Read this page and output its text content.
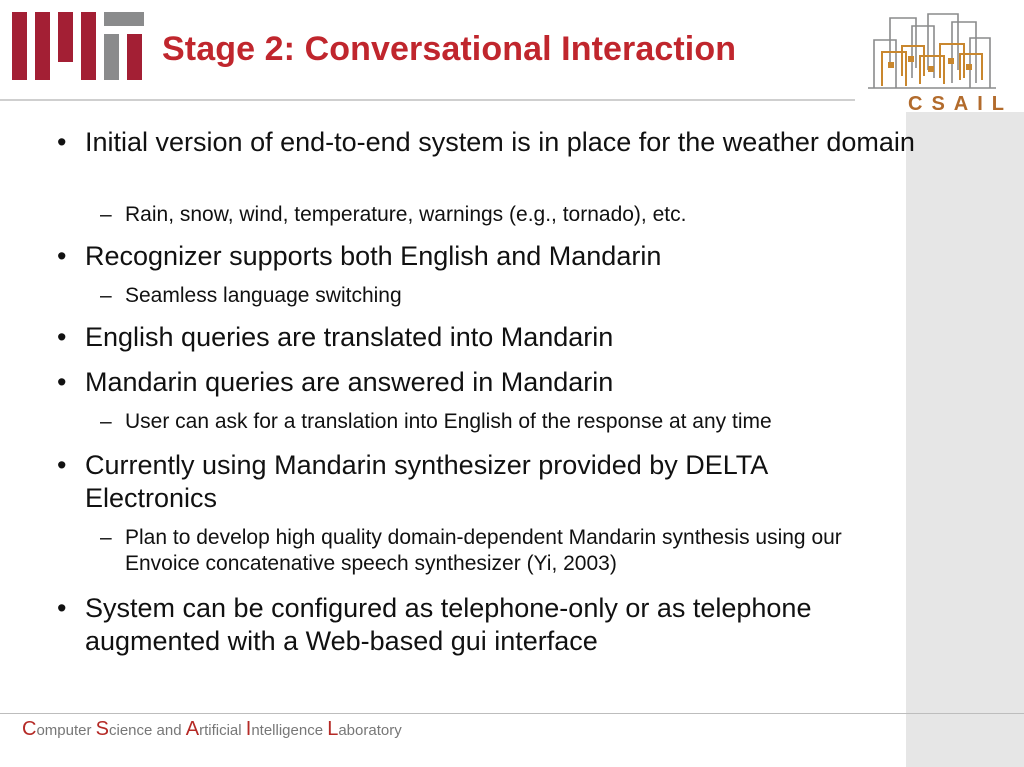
Stage 2: Conversational Interaction
CSAIL
• Initial version of end-to-end system is in place for the weather domain
– Rain, snow, wind, temperature, warnings (e.g., tornado), etc.
• Recognizer supports both English and Mandarin
– Seamless language switching
• English queries are translated into Mandarin
• Mandarin queries are answered in Mandarin
– User can ask for a translation into English of the response at any time
• Currently using Mandarin synthesizer provided by DELTA Electronics
– Plan to develop high quality domain-dependent Mandarin synthesis using our Envoice concatenative speech synthesizer (Yi, 2003)
• System can be configured as telephone-only or as telephone augmented with a Web-based gui interface
Computer Science and Artificial Intelligence Laboratory
